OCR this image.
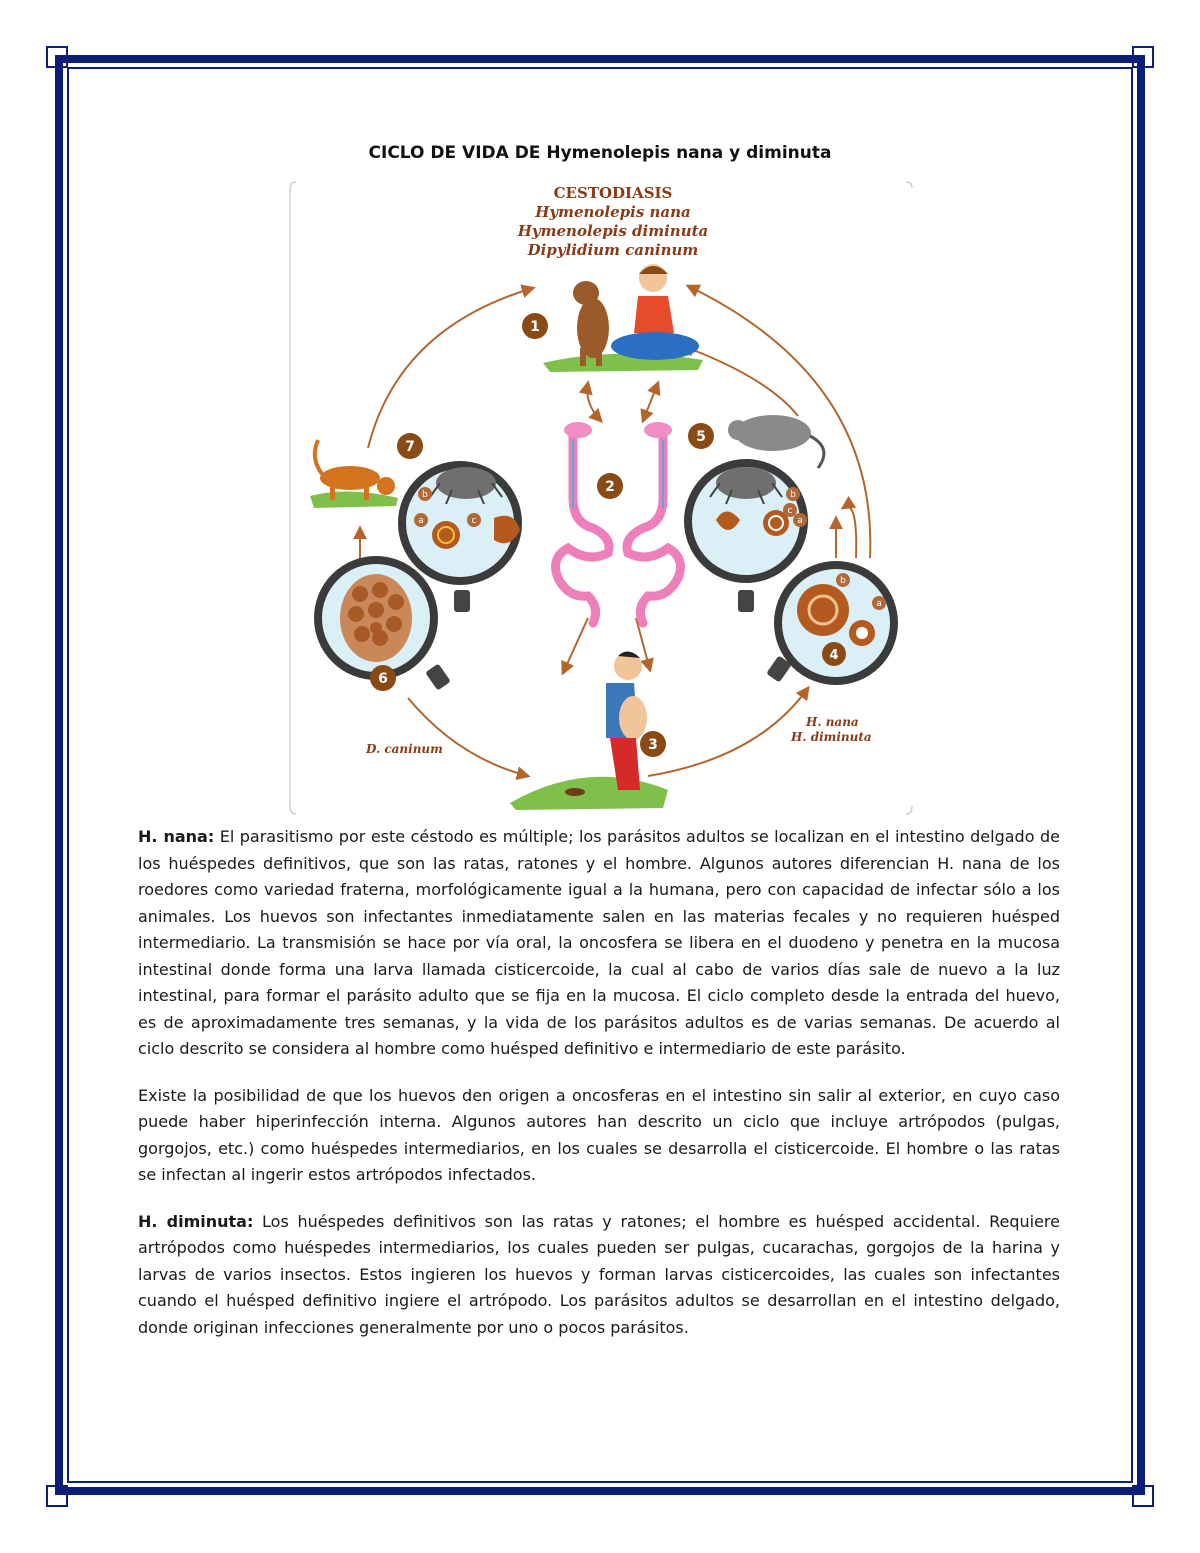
CICLO DE VIDA DE Hymenolepis nana y diminuta
CESTODIASIS
Hymenolepis nana
Hymenolepis diminuta
Dipylidium caninum
1
2
3
b
a
4
b
c
a
5
6
b
a	c
7
D. caninum
H. nana
H. diminuta

H. nana: El parasitismo por este céstodo es múltiple; los parásitos adultos se localizan en el intestino delgado de los huéspedes definitivos, que son las ratas, ratones y el hombre. Algunos autores diferencian H. nana de los roedores como variedad fraterna, morfológicamente igual a la humana, pero con capacidad de infectar sólo a los animales. Los huevos son infectantes inmediatamente salen en las materias fecales y no requieren huésped intermediario. La transmisión se hace por vía oral, la oncosfera se libera en el duodeno y penetra en la mucosa intestinal donde forma una larva llamada cisticercoide, la cual al cabo de varios días sale de nuevo a la luz intestinal, para formar el parásito adulto que se fija en la mucosa. El ciclo completo desde la entrada del huevo, es de aproximadamente tres semanas, y la vida de los parásitos adultos es de varias semanas. De acuerdo al ciclo descrito se considera al hombre como huésped definitivo e intermediario de este parásito.

Existe la posibilidad de que los huevos den origen a oncosferas en el intestino sin salir al exterior, en cuyo caso puede haber hiperinfección interna. Algunos autores han descrito un ciclo que incluye artrópodos (pulgas, gorgojos, etc.) como huéspedes intermediarios, en los cuales se desarrolla el cisticercoide. El hombre o las ratas se infectan al ingerir estos artrópodos infectados.

H. diminuta: Los huéspedes definitivos son las ratas y ratones; el hombre es huésped accidental. Requiere artrópodos como huéspedes intermediarios, los cuales pueden ser pulgas, cucarachas, gorgojos de la harina y larvas de varios insectos. Estos ingieren los huevos y forman larvas cisticercoides, las cuales son infectantes cuando el huésped definitivo ingiere el artrópodo. Los parásitos adultos se desarrollan en el intestino delgado, donde originan infecciones generalmente por uno o pocos parásitos.
